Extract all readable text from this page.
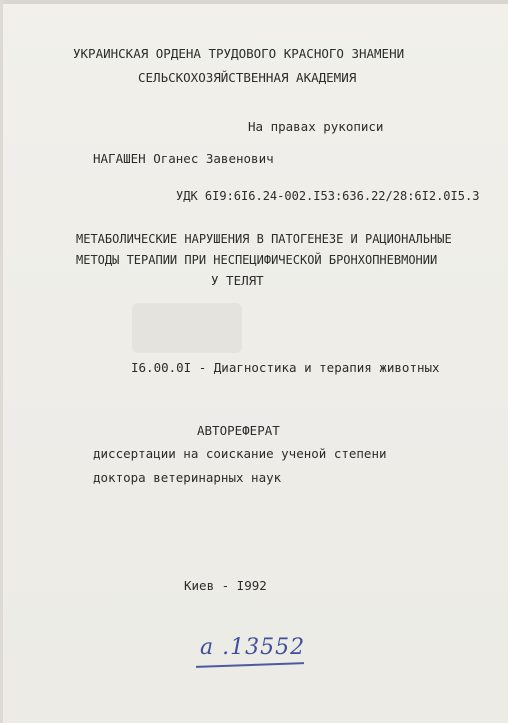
УКРАИНСКАЯ ОРДЕНА ТРУДОВОГО КРАСНОГО ЗНАМЕНИ
СЕЛЬСКОХОЗЯЙСТВЕННАЯ АКАДЕМИЯ
На правах рукописи
НАГАШЕН Оганес Завенович
УДК 6I9:6I6.24-002.I53:636.22/28:6I2.0I5.3
МЕТАБОЛИЧЕСКИЕ НАРУШЕНИЯ В ПАТОГЕНЕЗЕ И РАЦИОНАЛЬНЫЕ
МЕТОДЫ ТЕРАПИИ ПРИ НЕСПЕЦИФИЧЕСКОЙ БРОНХОПНЕВМОНИИ
У ТЕЛЯТ
I6.00.0I - Диагностика и терапия животных
АВТОРЕФЕРАТ
диссертации на соискание ученой степени
доктора ветеринарных наук
Киев - I992
a .13552
